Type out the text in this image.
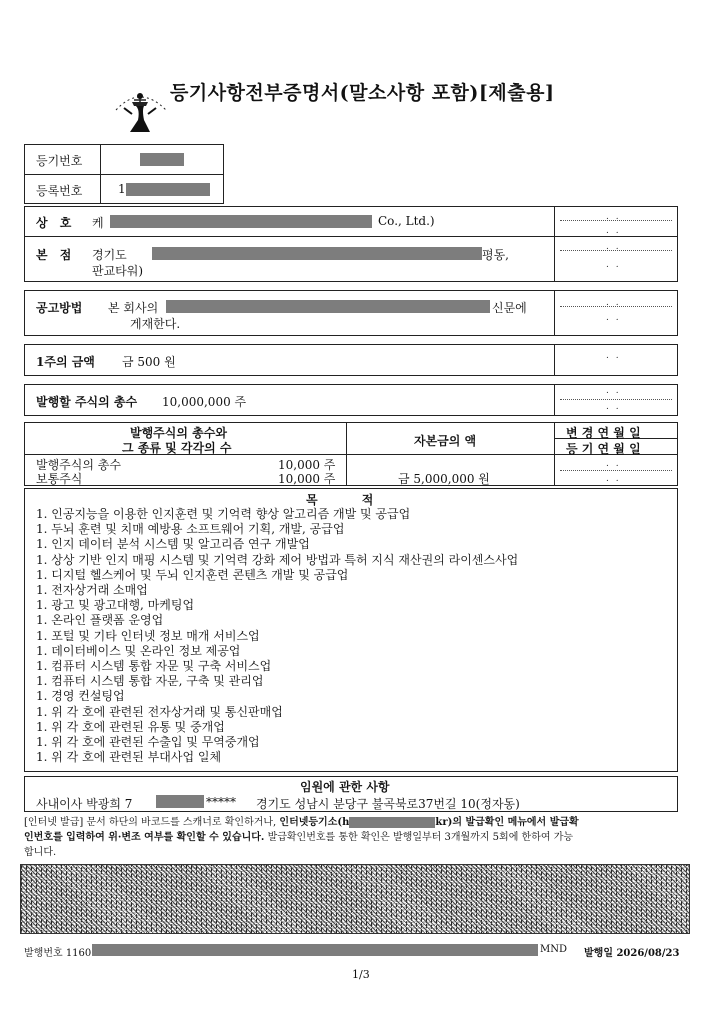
등기사항전부증명서(말소사항 포함)[제출용]
등기번호
등록번호	1
상 호 케	Co., Ltd.)
본 점 경기도	평동,
판교타워)
. .
. .
. .
. .
공고방법 본 회사의	신문에
게재한다.
. .
. .
1주의 금액 금 500 원	. .
발행할 주식의 총수 10,000,000 주
. .
. .
발행주식의 총수와
그 종류 및 각각의 수	자본금의 액
변 경 연 월 일
등 기 연 월 일
발행주식의 총수	10,000 주
보통주식	10,000 주	금 5,000,000 원
. .
. .
목 적
1. 인공지능을 이용한 인지훈련 및 기억력 향상 알고리즘 개발 및 공급업
1. 두뇌 훈련 및 치매 예방용 소프트웨어 기획, 개발, 공급업
1. 인지 데이터 분석 시스템 및 알고리즘 연구 개발업
1. 상상 기반 인지 매핑 시스템 및 기억력 강화 제어 방법과 특허 지식 재산권의 라이센스사업
1. 디지털 헬스케어 및 두뇌 인지훈련 콘텐츠 개발 및 공급업
1. 전자상거래 소매업
1. 광고 및 광고대행, 마케팅업
1. 온라인 플랫폼 운영업
1. 포털 및 기타 인터넷 정보 매개 서비스업
1. 데이터베이스 및 온라인 정보 제공업
1. 컴퓨터 시스템 통합 자문 및 구축 서비스업
1. 컴퓨터 시스템 통합 자문, 구축 및 관리업
1. 경영 컨설팅업
1. 위 각 호에 관련된 전자상거래 및 통신판매업
1. 위 각 호에 관련된 유통 및 중개업
1. 위 각 호에 관련된 수출입 및 무역중개업
1. 위 각 호에 관련된 부대사업 일체
임원에 관한 사항
사내이사 박광희 7	***** 경기도 성남시 분당구 불곡북로37번길 10(정자동)
[인터넷 발급] 문서 하단의 바코드를 스캐너로 확인하거나, 인터넷등기소(h	kr)의 발급확인 메뉴에서 발급확
인번호를 입력하여 위·변조 여부를 확인할 수 있습니다. 발급확인번호를 통한 확인은 발행일부터 3개월까지 5회에 한하여 가능
합니다.
발행번호 1160	MND 발행일 2026/08/23
1/3
